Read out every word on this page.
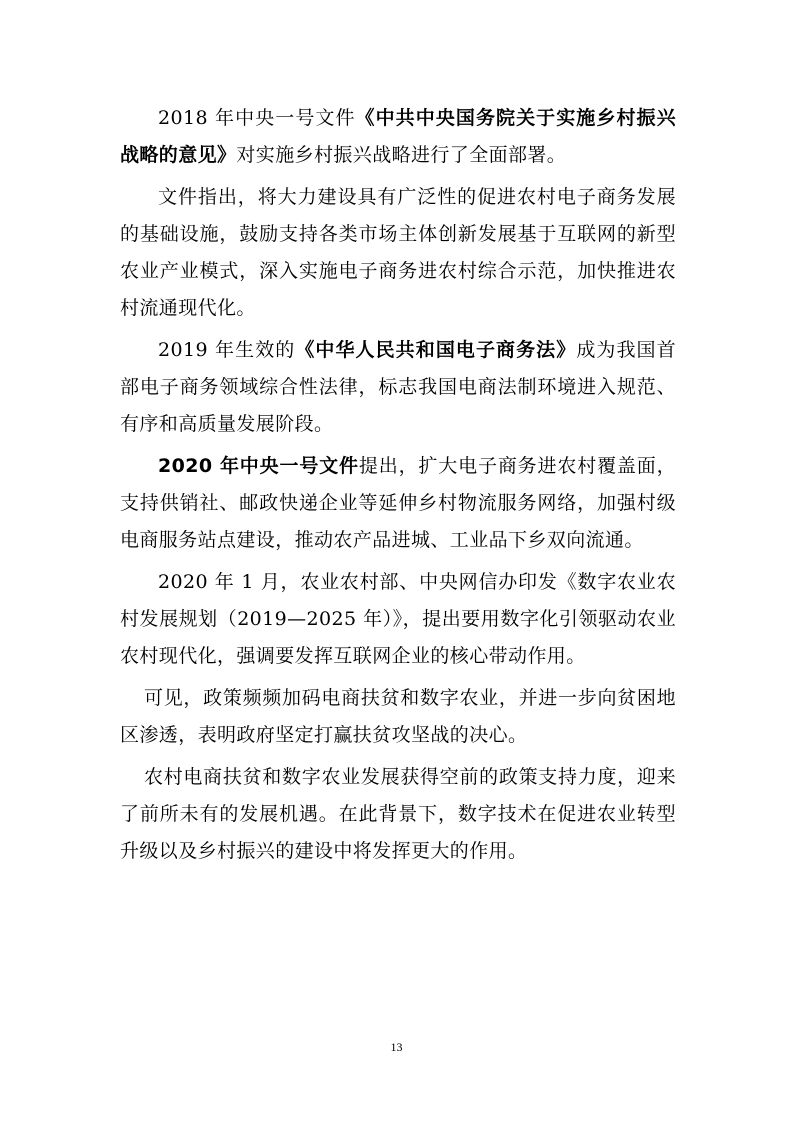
2018 年中央一号文件《中共中央国务院关于实施乡村振兴战略的意见》对实施乡村振兴战略进行了全面部署。

文件指出，将大力建设具有广泛性的促进农村电子商务发展的基础设施，鼓励支持各类市场主体创新发展基于互联网的新型农业产业模式，深入实施电子商务进农村综合示范，加快推进农村流通现代化。

2019 年生效的《中华人民共和国电子商务法》成为我国首部电子商务领域综合性法律，标志我国电商法制环境进入规范、有序和高质量发展阶段。

2020 年中央一号文件提出，扩大电子商务进农村覆盖面，支持供销社、邮政快递企业等延伸乡村物流服务网络，加强村级电商服务站点建设，推动农产品进城、工业品下乡双向流通。

2020 年 1 月，农业农村部、中央网信办印发《数字农业农村发展规划（2019—2025 年）》，提出要用数字化引领驱动农业农村现代化，强调要发挥互联网企业的核心带动作用。

可见，政策频频加码电商扶贫和数字农业，并进一步向贫困地区渗透，表明政府坚定打赢扶贫攻坚战的决心。

农村电商扶贫和数字农业发展获得空前的政策支持力度，迎来了前所未有的发展机遇。在此背景下，数字技术在促进农业转型升级以及乡村振兴的建设中将发挥更大的作用。

13
